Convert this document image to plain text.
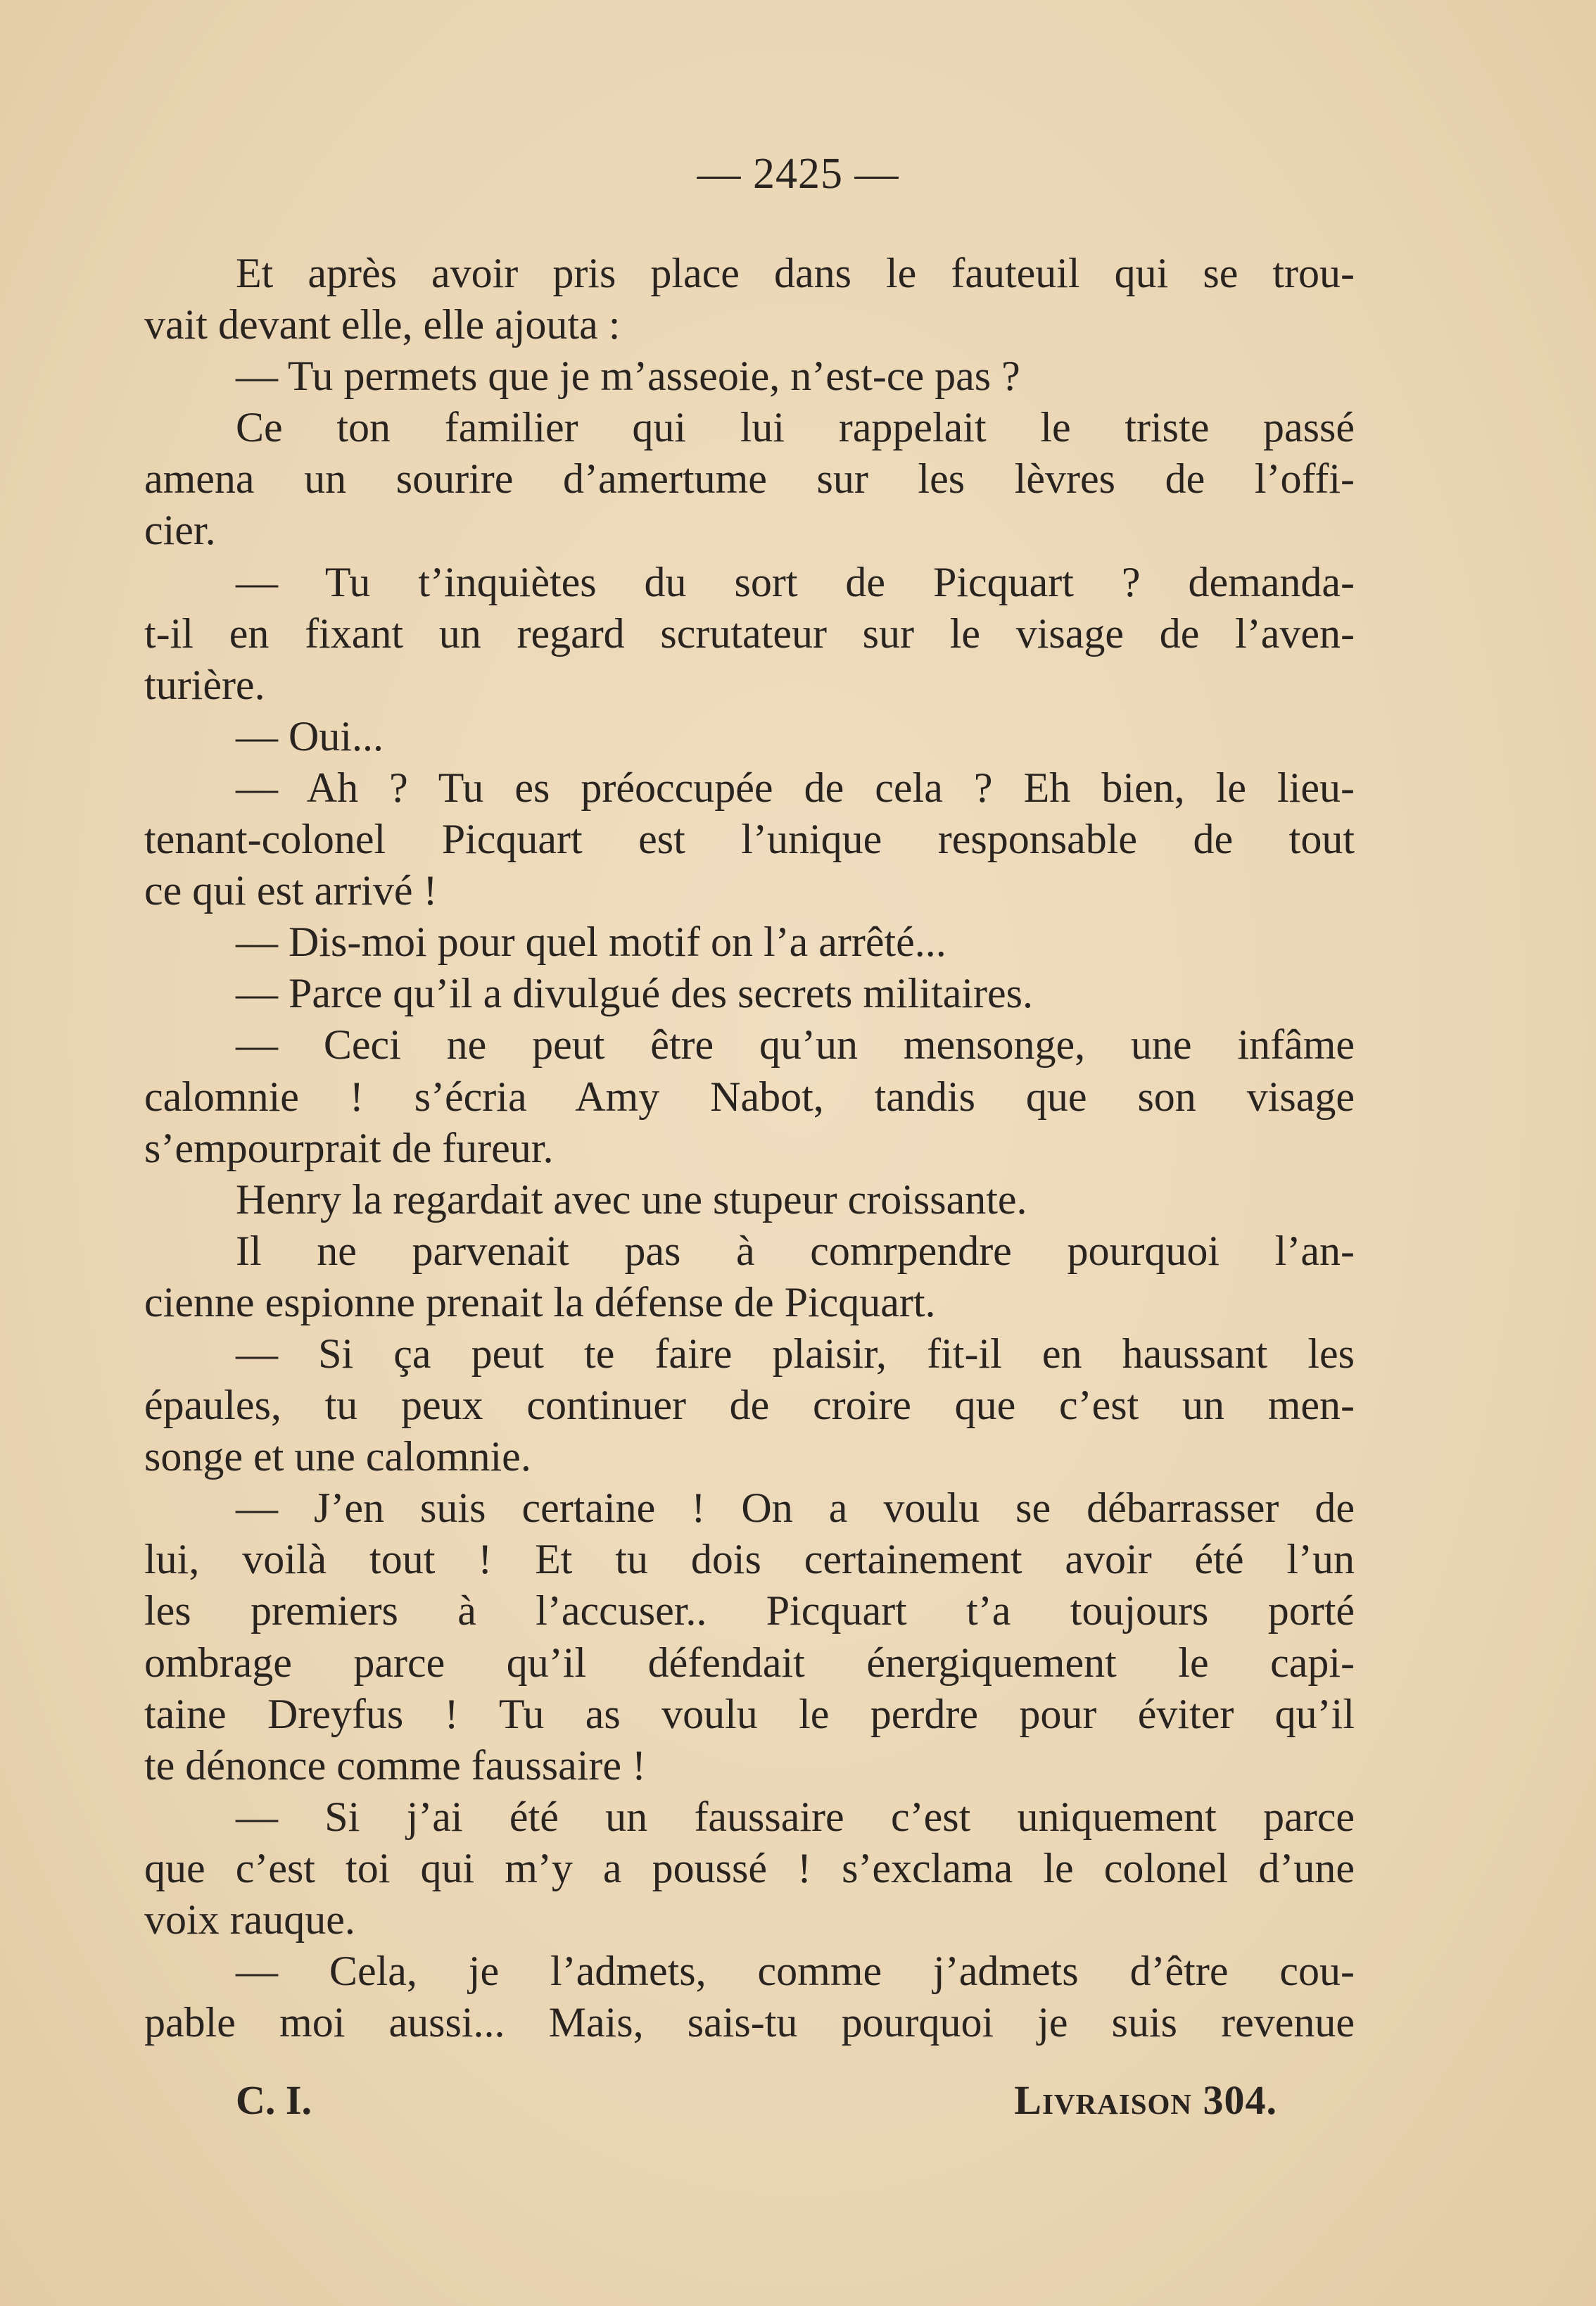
— 2425 —
Et après avoir pris place dans le fauteuil qui se trou-
vait devant elle, elle ajouta :
— Tu permets que je m’asseoie, n’est-ce pas ?
Ce ton familier qui lui rappelait le triste passé
amena un sourire d’amertume sur les lèvres de l’offi-
cier.
— Tu t’inquiètes du sort de Picquart ? demanda-
t-il en fixant un regard scrutateur sur le visage de l’aven-
turière.
— Oui...
— Ah ? Tu es préoccupée de cela ? Eh bien, le lieu-
tenant-colonel Picquart est l’unique responsable de tout
ce qui est arrivé !
— Dis-moi pour quel motif on l’a arrêté...
— Parce qu’il a divulgué des secrets militaires.
— Ceci ne peut être qu’un mensonge, une infâme
calomnie ! s’écria Amy Nabot, tandis que son visage
s’empourprait de fureur.
Henry la regardait avec une stupeur croissante.
Il ne parvenait pas à comrpendre pourquoi l’an-
cienne espionne prenait la défense de Picquart.
— Si ça peut te faire plaisir, fit-il en haussant les
épaules, tu peux continuer de croire que c’est un men-
songe et une calomnie.
— J’en suis certaine ! On a voulu se débarrasser de
lui, voilà tout ! Et tu dois certainement avoir été l’un
les premiers à l’accuser.. Picquart t’a toujours porté
ombrage parce qu’il défendait énergiquement le capi-
taine Dreyfus ! Tu as voulu le perdre pour éviter qu’il
te dénonce comme faussaire !
— Si j’ai été un faussaire c’est uniquement parce
que c’est toi qui m’y a poussé ! s’exclama le colonel d’une
voix rauque.
— Cela, je l’admets, comme j’admets d’être cou-
pable moi aussi... Mais, sais-tu pourquoi je suis revenue
C. I.	Livraison 304.
